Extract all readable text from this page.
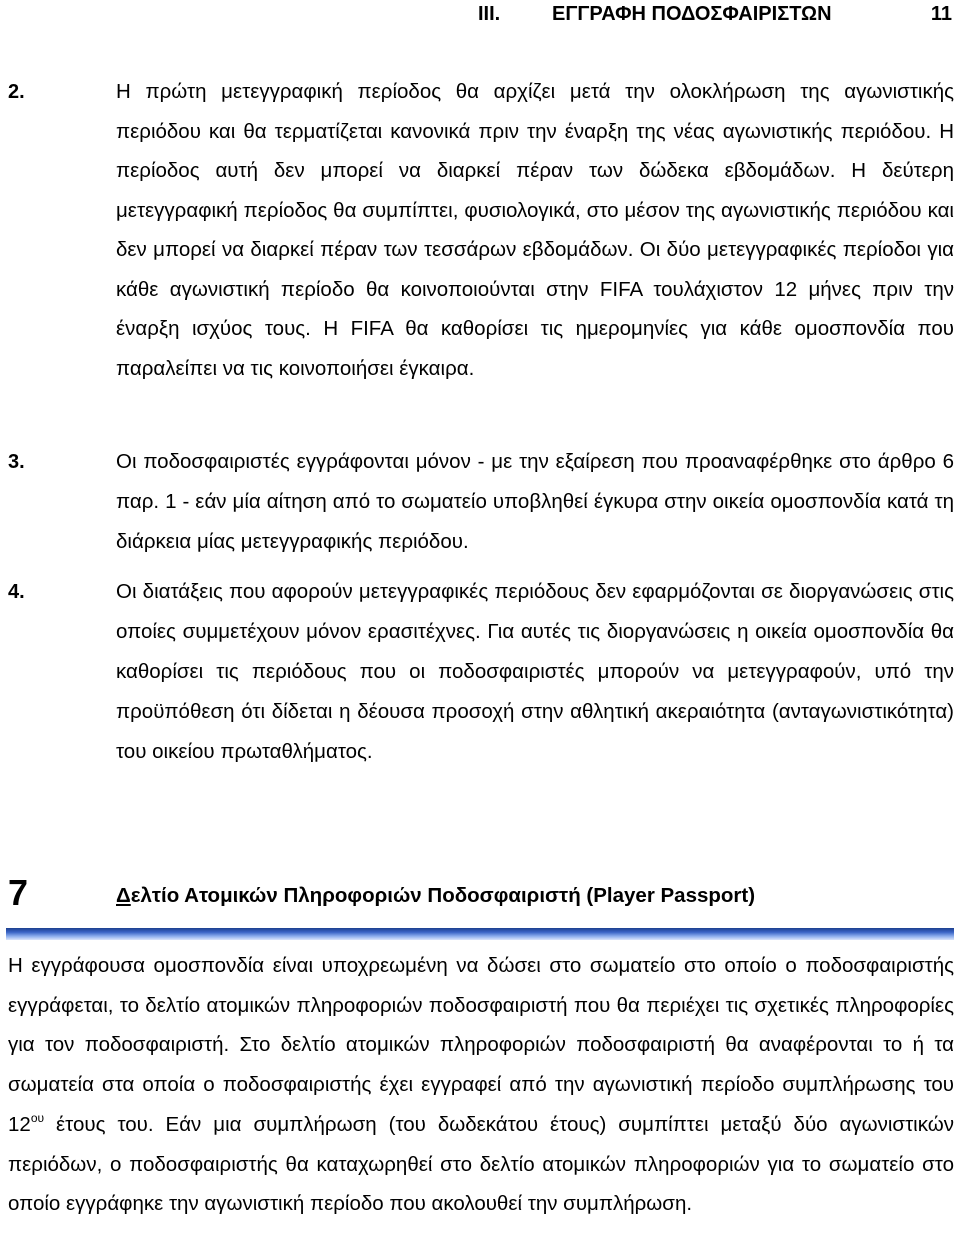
III.	ΕΓΓΡΑΦΗ ΠΟΔΟΣΦΑΙΡΙΣΤΩΝ	11
2.	Η πρώτη μετεγγραφική περίοδος θα αρχίζει μετά την ολοκλήρωση της αγωνιστικής περιόδου και θα τερματίζεται κανονικά πριν την έναρξη της νέας αγωνιστικής περιόδου. Η περίοδος αυτή δεν μπορεί να διαρκεί πέραν των δώδεκα εβδομάδων. Η δεύτερη μετεγγραφική περίοδος θα συμπίπτει, φυσιολογικά, στο μέσον της αγωνιστικής περιόδου και δεν μπορεί να διαρκεί πέραν των τεσσάρων εβδομάδων. Οι δύο μετεγγραφικές περίοδοι για κάθε αγωνιστική περίοδο θα κοινοποιούνται στην FIFA τουλάχιστον 12 μήνες πριν την έναρξη ισχύος τους. Η FIFA θα καθορίσει τις ημερομηνίες για κάθε ομοσπονδία που παραλείπει να τις κοινοποιήσει έγκαιρα.

3.	Οι ποδοσφαιριστές εγγράφονται μόνον - με την εξαίρεση που προαναφέρθηκε στο άρθρο 6 παρ. 1 - εάν μία αίτηση από το σωματείο υποβληθεί έγκυρα στην οικεία ομοσπονδία κατά τη διάρκεια μίας μετεγγραφικής περιόδου.

4.	Οι διατάξεις που αφορούν μετεγγραφικές περιόδους δεν εφαρμόζονται σε διοργανώσεις στις οποίες συμμετέχουν μόνον ερασιτέχνες. Για αυτές τις διοργανώσεις η οικεία ομοσπονδία θα καθορίσει τις περιόδους που οι ποδοσφαιριστές μπορούν να μετεγγραφούν, υπό την προϋπόθεση ότι δίδεται η δέουσα προσοχή στην αθλητική ακεραιότητα (ανταγωνιστικότητα) του οικείου πρωταθλήματος.

7	Δελτίο Ατομικών Πληροφοριών Ποδοσφαιριστή (Player Passport)

Η εγγράφουσα ομοσπονδία είναι υποχρεωμένη να δώσει στο σωματείο στο οποίο ο ποδοσφαιριστής εγγράφεται, το δελτίο ατομικών πληροφοριών ποδοσφαιριστή που θα περιέχει τις σχετικές πληροφορίες για τον ποδοσφαιριστή. Στο δελτίο ατομικών πληροφοριών ποδοσφαιριστή θα αναφέρονται το ή τα σωματεία στα οποία ο ποδοσφαιριστής έχει εγγραφεί από την αγωνιστική περίοδο συμπλήρωσης του $12^{o\upsilon}$ έτους του. Εάν μια συμπλήρωση (του δωδεκάτου έτους) συμπίπτει μεταξύ δύο αγωνιστικών περιόδων, ο ποδοσφαιριστής θα καταχωρηθεί στο δελτίο ατομικών πληροφοριών για το σωματείο στο οποίο εγγράφηκε την αγωνιστική περίοδο που ακολουθεί την συμπλήρωση.
